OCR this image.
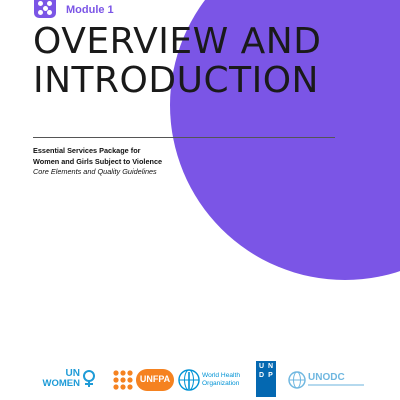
Module 1
OVERVIEW AND
INTRODUCTION
Essential Services Package for
Women and Girls Subject to Violence
Core Elements and Quality Guidelines
UN
WOMEN	UNFPA	World Health
Organization
U N
D P	UNODC
